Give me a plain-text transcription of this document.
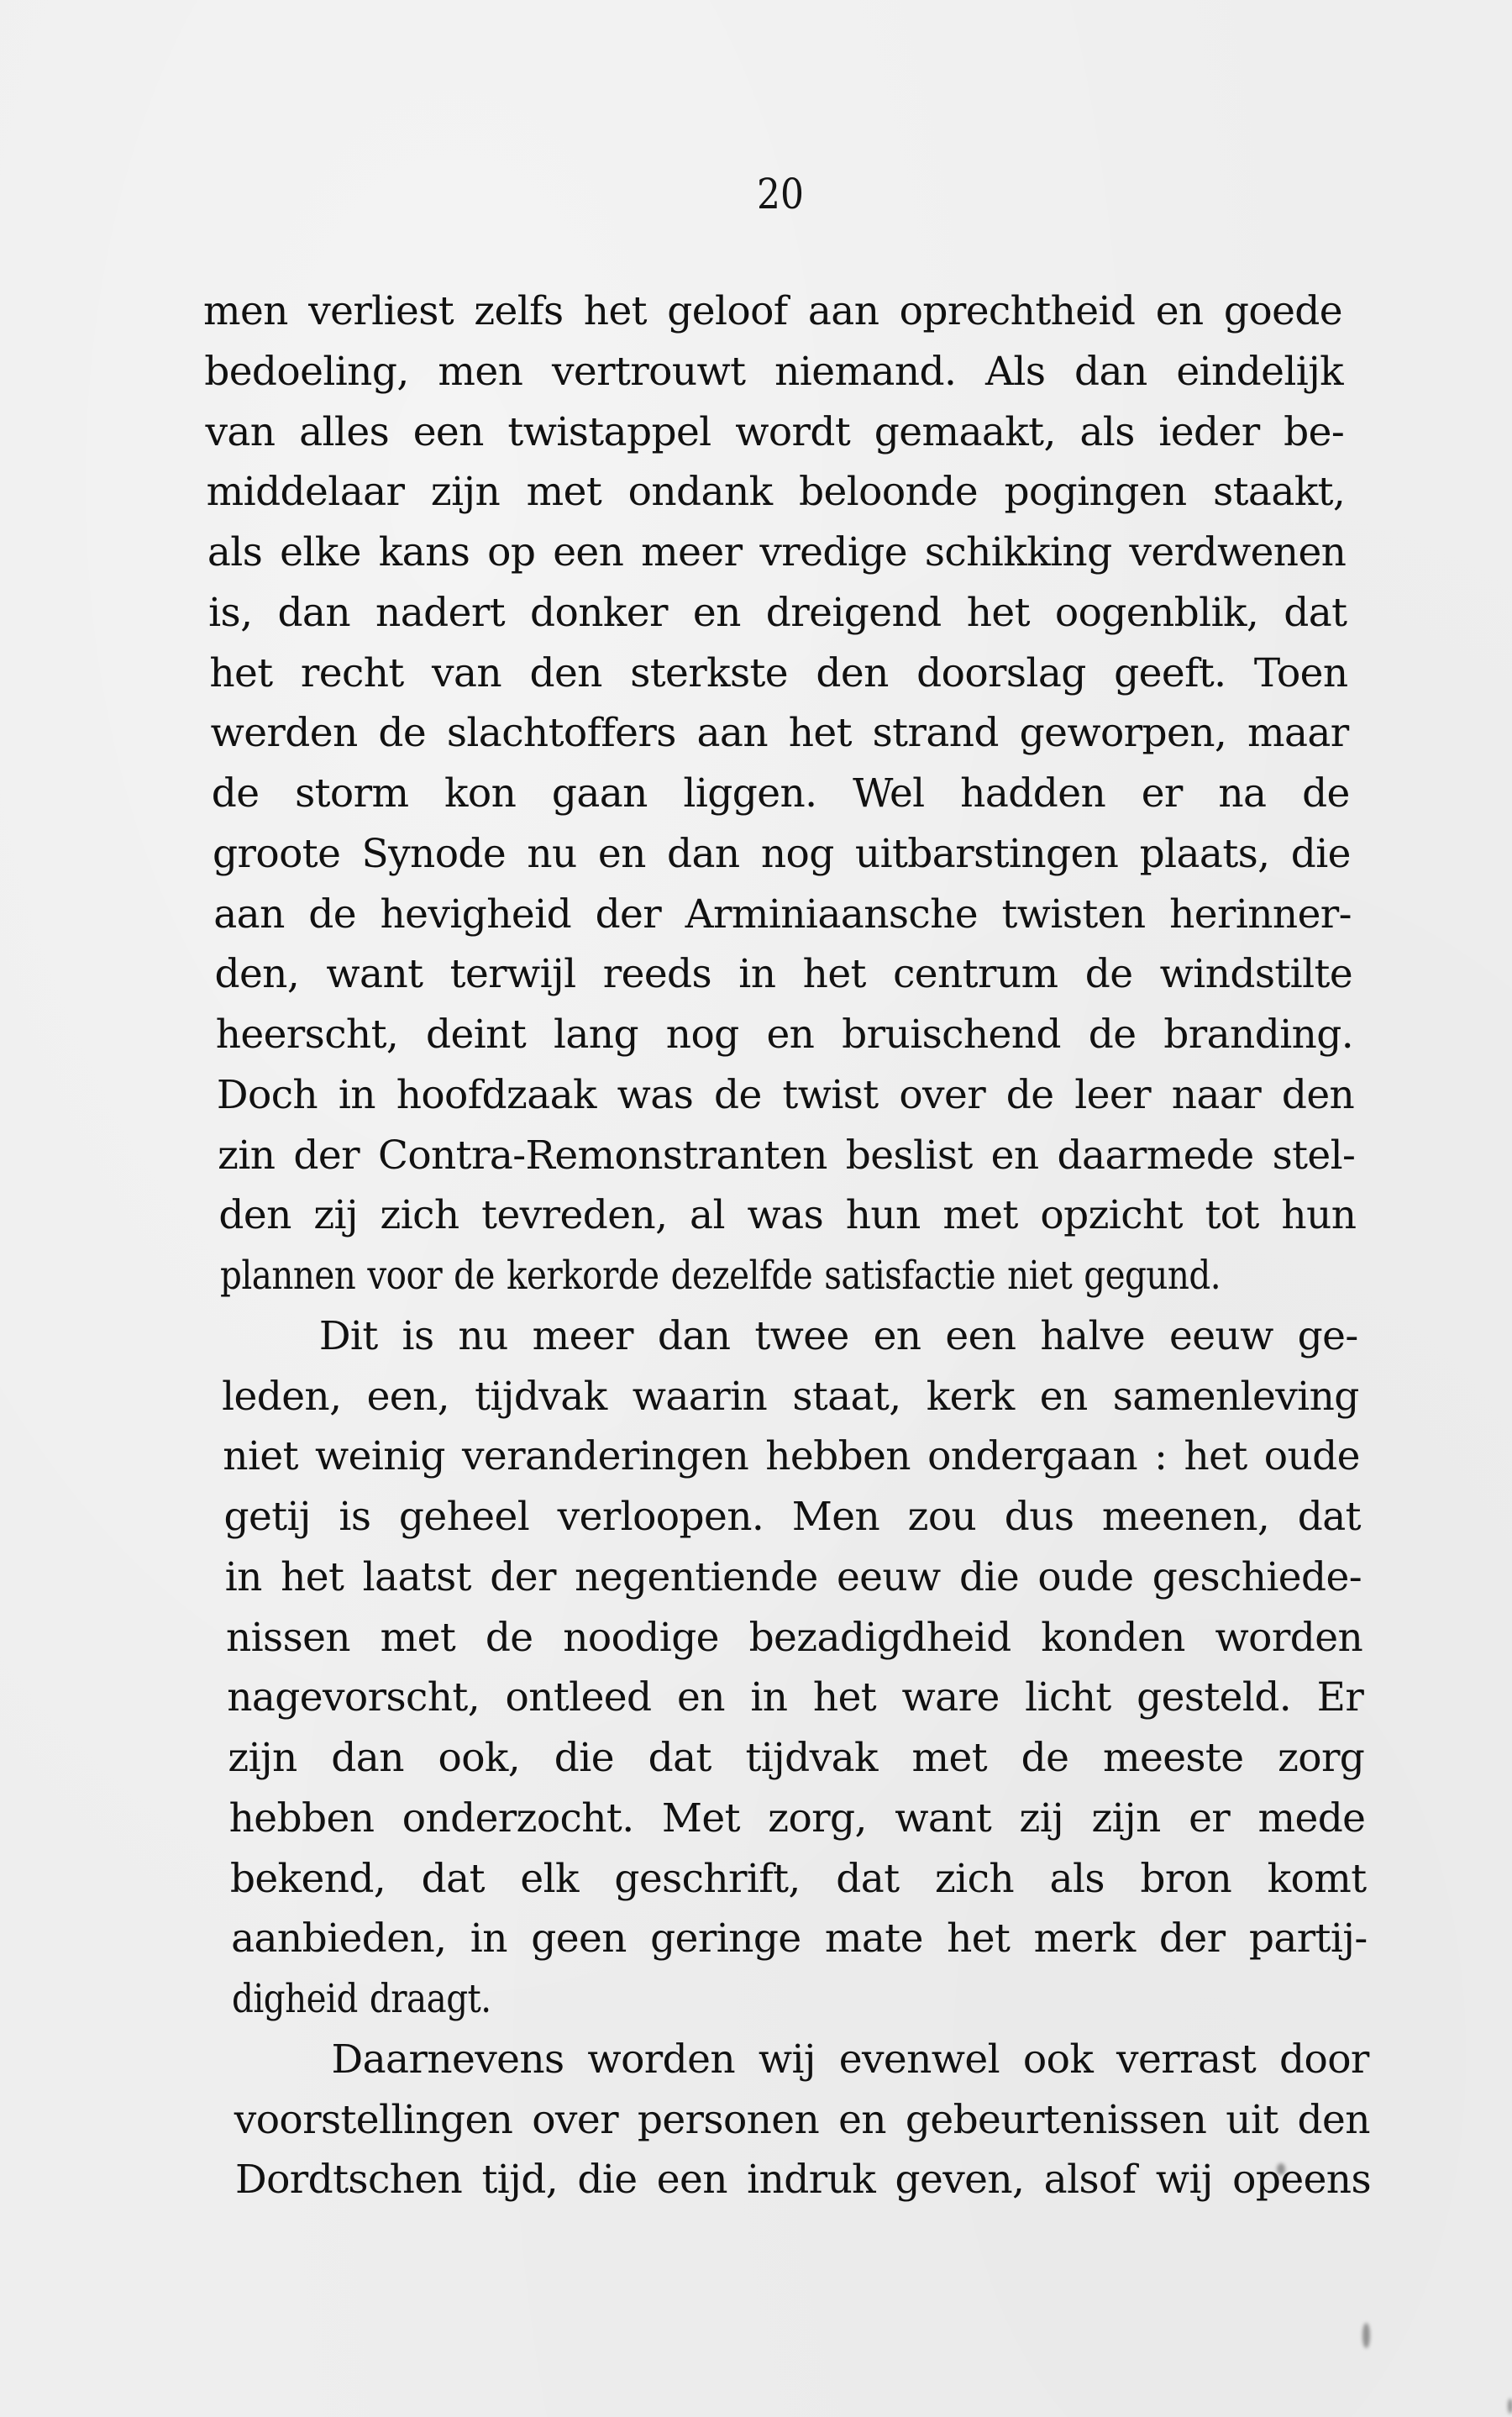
20
men verliest zelfs het geloof aan oprechtheid en goede
bedoeling, men vertrouwt niemand. Als dan eindelijk
van alles een twistappel wordt gemaakt, als ieder be-
middelaar zijn met ondank beloonde pogingen staakt,
als elke kans op een meer vredige schikking verdwenen
is, dan nadert donker en dreigend het oogenblik, dat
het recht van den sterkste den doorslag geeft. Toen
werden de slachtoffers aan het strand geworpen, maar
de storm kon gaan liggen. Wel hadden er na de
groote Synode nu en dan nog uitbarstingen plaats, die
aan de hevigheid der Arminiaansche twisten herinner-
den, want terwijl reeds in het centrum de windstilte
heerscht, deint lang nog en bruischend de branding.
Doch in hoofdzaak was de twist over de leer naar den
zin der Contra-Remonstranten beslist en daarmede stel-
den zij zich tevreden, al was hun met opzicht tot hun
plannen voor de kerkorde dezelfde satisfactie niet gegund.
Dit is nu meer dan twee en een halve eeuw ge-
leden, een, tijdvak waarin staat, kerk en samenleving
niet weinig veranderingen hebben ondergaan : het oude
getij is geheel verloopen. Men zou dus meenen, dat
in het laatst der negentiende eeuw die oude geschiede-
nissen met de noodige bezadigdheid konden worden
nagevorscht, ontleed en in het ware licht gesteld. Er
zijn dan ook, die dat tijdvak met de meeste zorg
hebben onderzocht. Met zorg, want zij zijn er mede
bekend, dat elk geschrift, dat zich als bron komt
aanbieden, in geen geringe mate het merk der partij-
digheid draagt.
Daarnevens worden wij evenwel ook verrast door
voorstellingen over personen en gebeurtenissen uit den
Dordtschen tijd, die een indruk geven, alsof wij opeens
